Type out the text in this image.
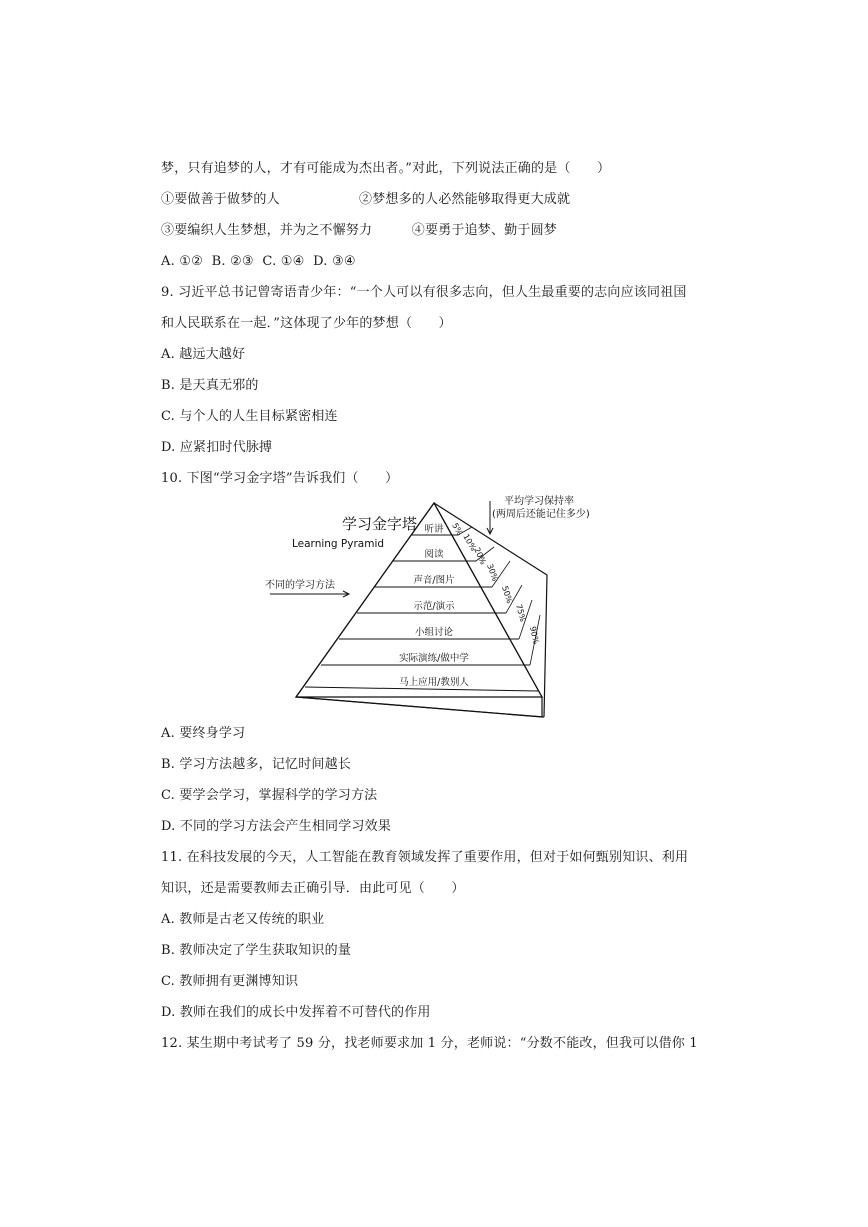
梦，只有追梦的人，才有可能成为杰出者。”对此，下列说法正确的是（　　）
①要做善于做梦的人　　　　　　②梦想多的人必然能够取得更大成就
③要编织人生梦想，并为之不懈努力　　　④要勇于追梦、勤于圆梦
A. ①②  B. ②③  C. ①④  D. ③④
9. 习近平总书记曾寄语青少年：“一个人可以有很多志向，但人生最重要的志向应该同祖国
和人民联系在一起．”这体现了少年的梦想（　　）
A. 越远大越好
B. 是天真无邪的
C. 与个人的人生目标紧密相连
D. 应紧扣时代脉搏
10. 下图“学习金字塔”告诉我们（　　）
学习金字塔
Learning Pyramid
不同的学习方法
平均学习保持率
(两周后还能记住多少)
听讲
阅读
声音/图片
示范/演示
小组讨论
实际演练/做中学
马上应用/教别人
5%
10%
20%
30%
50%
75%
90%
A. 要终身学习
B. 学习方法越多，记忆时间越长
C. 要学会学习，掌握科学的学习方法
D. 不同的学习方法会产生相同学习效果
11. 在科技发展的今天，人工智能在教育领域发挥了重要作用，但对于如何甄别知识、利用
知识，还是需要教师去正确引导．由此可见（　　）
A. 教师是古老又传统的职业
B. 教师决定了学生获取知识的量
C. 教师拥有更渊博知识
D. 教师在我们的成长中发挥着不可替代的作用
12. 某生期中考试考了 59 分，找老师要求加 1 分，老师说：“分数不能改，但我可以借你 1
